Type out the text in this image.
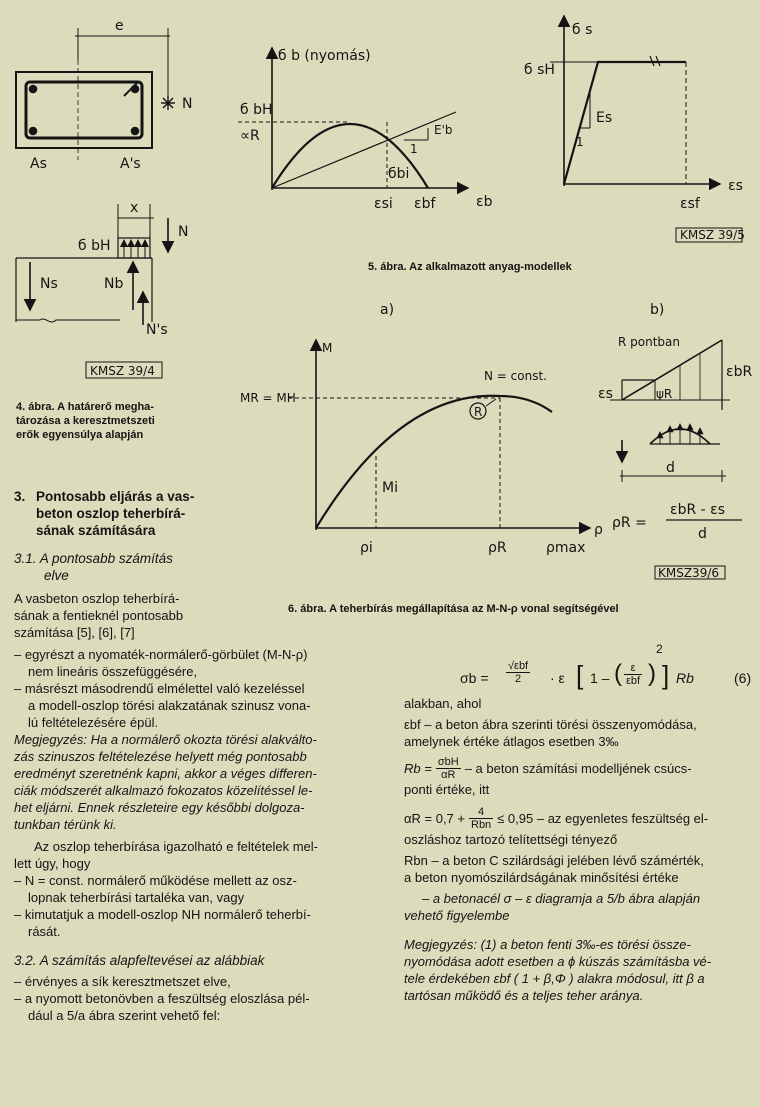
e
N
As	A's
x
б bH
N
Ns	Nb
N's
KMSZ 39/4
4. ábra. A határerő megha-
tározása a keresztmetszeti
erők egyensúlya alapján
б b (nyomás)
б bH
∝R	E'b
1
бbi
εsi εbf	εb
б s
б sH
Es
1
εsf
εs
KMSZ 39/5
5. ábra. Az alkalmazott anyag-modellek
a)	b)
M
MR = MH
N = const.
R
Mi
ρ
ρi	ρR	ρmax
R pontban
εbR
εs	ψR
d
ρR =
εbR - εs
d
KMSZ39/6
6. ábra. A teherbírás megállapítása az M-N-ρ vonal segítségével
3. Pontosabb eljárás a vas-
beton oszlop teherbírá-
sának számítására
3.1. A pontosabb számítás
elve
A vasbeton oszlop teherbírá-
sának a fentieknél pontosabb
számítása [5], [6], [7]
– egyrészt a nyomaték-normálerő-görbület (M-N-ρ)
nem lineáris összefüggésére,
– másrészt másodrendű elmélettel való kezeléssel
a modell-oszlop törési alakzatának szinusz vona-
lú feltételezésére épül.
Megjegyzés: Ha a normálerő okozta törési alakválto-
zás szinuszos feltételezése helyett még pontosabb
eredményt szeretnénk kapni, akkor a véges differen-
ciák módszerét alkalmazó fokozatos közelítéssel le-
het eljárni. Ennek részleteire egy későbbi dolgoza-
tunkban térünk ki.
Az oszlop teherbírása igazolható e feltételek mel-
lett úgy, hogy
– N = const. normálerő működése mellett az osz-
lopnak teherbírási tartaléka van, vagy
– kimutatjuk a modell-oszlop NH normálerő teherbí-
rását.
3.2. A számítás alapfeltevései az alábbiak
– érvényes a sík keresztmetszet elve,
– a nyomott betonövben a feszültség eloszlása pél-
dául a 5/a ábra szerint vehető fel:
σb =
√εbf
2	· ε [ 1 – ( ε
εbf )
2
] Rb	(6)
alakban, ahol
εbf – a beton ábra szerinti törési összenyomódása,
amelynek értéke átlagos esetben 3‰
$Rb = \frac{\text{σbH}}{\alpha R} - a$ beton számítási modelljének csúcs-
ponti értéke, itt
$\alpha R = 0,7 + \frac{4}{\text{Rbn}} \le 0,95$ – az egyenletes feszültség el-
oszláshoz tartozó telítettségi tényező
Rbn – a beton C szilárdsági jelében lévő számérték,
a beton nyomószilárdságának minősítési értéke
– a betonacél σ – ε diagramja a 5/b ábra alapján
vehető figyelembe
Megjegyzés: (1) a beton fenti 3‰-es törési össze-
nyomódása adott esetben a ϕ kúszás számításba vé-
tele érdekében εbf ( 1 + β,Φ ) alakra módosul, itt β a
tartósan működő és a teljes teher aránya.
